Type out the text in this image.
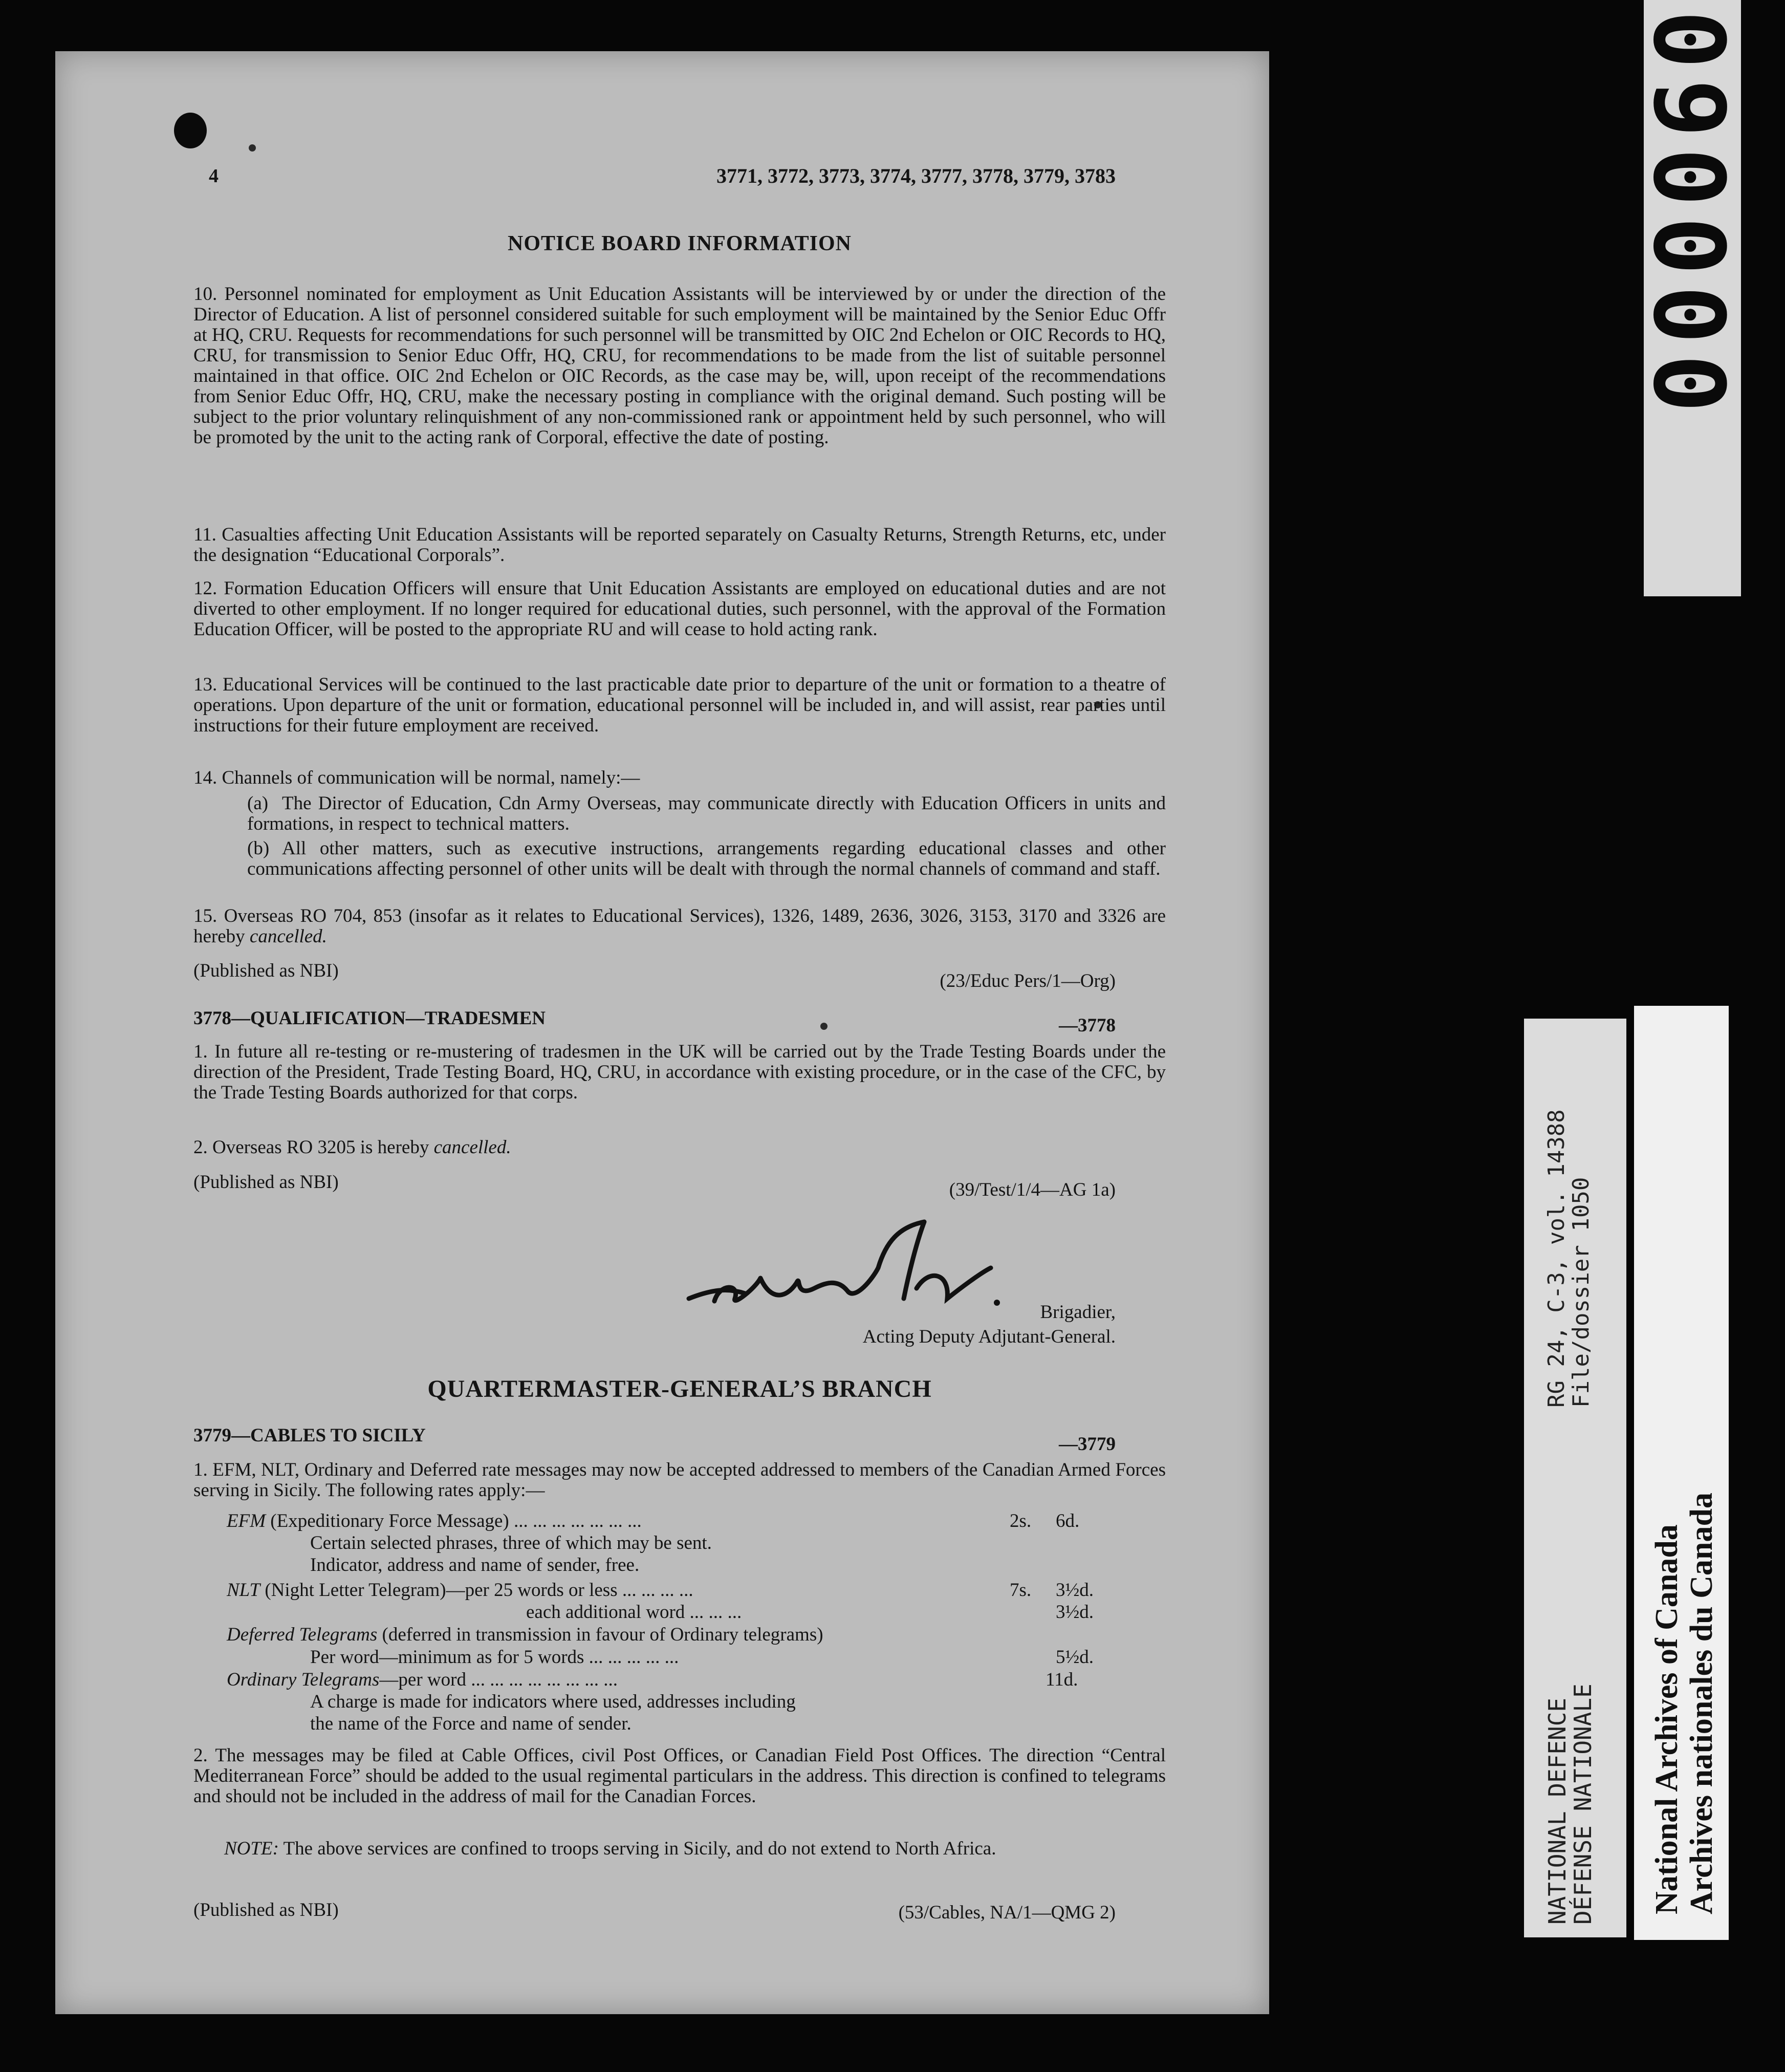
4	3771, 3772, 3773, 3774, 3777, 3778, 3779, 3783

NOTICE BOARD INFORMATION

10. Personnel nominated for employment as Unit Education Assistants will be interviewed by or under the direction of the Director of Education. A list of personnel considered suitable for such employment will be maintained by the Senior Educ Offr at HQ, CRU. Requests for recommendations for such personnel will be transmitted by OIC 2nd Echelon or OIC Records to HQ, CRU, for transmission to Senior Educ Offr, HQ, CRU, for recommendations to be made from the list of suitable personnel maintained in that office. OIC 2nd Echelon or OIC Records, as the case may be, will, upon receipt of the recommendations from Senior Educ Offr, HQ, CRU, make the necessary posting in compliance with the original demand. Such posting will be subject to the prior voluntary relinquishment of any non-commissioned rank or appointment held by such personnel, who will be promoted by the unit to the acting rank of Corporal, effective the date of posting.

11. Casualties affecting Unit Education Assistants will be reported separately on Casualty Returns, Strength Returns, etc, under the designation “Educational Corporals”.

12. Formation Education Officers will ensure that Unit Education Assistants are employed on educational duties and are not diverted to other employment. If no longer required for educational duties, such personnel, with the approval of the Formation Education Officer, will be posted to the appropriate RU and will cease to hold acting rank.

13. Educational Services will be continued to the last practicable date prior to departure of the unit or formation to a theatre of operations. Upon departure of the unit or formation, educational personnel will be included in, and will assist, rear parties until instructions for their future employment are received.

14. Channels of communication will be normal, namely:—

(a) The Director of Education, Cdn Army Overseas, may communicate directly with Education Officers in units and formations, in respect to technical matters.

(b) All other matters, such as executive instructions, arrangements regarding educational classes and other communications affecting personnel of other units will be dealt with through the normal channels of command and staff.

15. Overseas RO 704, 853 (insofar as it relates to Educational Services), 1326, 1489, 2636, 3026, 3153, 3170 and 3326 are hereby cancelled.

(Published as NBI)	(23/Educ Pers/1—Org)

3778—QUALIFICATION—TRADESMEN	—3778

1. In future all re-testing or re-mustering of tradesmen in the UK will be carried out by the Trade Testing Boards under the direction of the President, Trade Testing Board, HQ, CRU, in accordance with existing procedure, or in the case of the CFC, by the Trade Testing Boards authorized for that corps.

2. Overseas RO 3205 is hereby cancelled.

(Published as NBI)	(39/Test/1/4—AG 1a)

Brigadier,

Acting Deputy Adjutant-General.

QUARTERMASTER-GENERAL’S BRANCH

3779—CABLES TO SICILY	—3779

1. EFM, NLT, Ordinary and Deferred rate messages may now be accepted addressed to members of the Canadian Armed Forces serving in Sicily. The following rates apply:—

EFM (Expeditionary Force Message) ... ... ... ... ... ... ...	2s. 6d.

Certain selected phrases, three of which may be sent.

Indicator, address and name of sender, free.

NLT (Night Letter Telegram)—per 25 words or less ... ... ... ...	7s. 3½d.

each additional word ... ... ...	3½d.

Deferred Telegrams (deferred in transmission in favour of Ordinary telegrams)

Per word—minimum as for 5 words ... ... ... ... ...	5½d.

Ordinary Telegrams—per word ... ... ... ... ... ... ... ...	11d.

A charge is made for indicators where used, addresses including

the name of the Force and name of sender.

2. The messages may be filed at Cable Offices, civil Post Offices, or Canadian Field Post Offices. The direction “Central Mediterranean Force” should be added to the usual regimental particulars in the address. This direction is confined to telegrams and should not be included in the address of mail for the Canadian Forces.

NOTE: The above services are confined to troops serving in Sicily, and do not extend to North Africa.

(Published as NBI)	(53/Cables, NA/1—QMG 2)

000060
RG 24, C-3, vol. 14388
File/dossier 1050
NATIONAL DEFENCE
DÉFENSE NATIONALE National Archives of Canada Archives nationales du Canada
